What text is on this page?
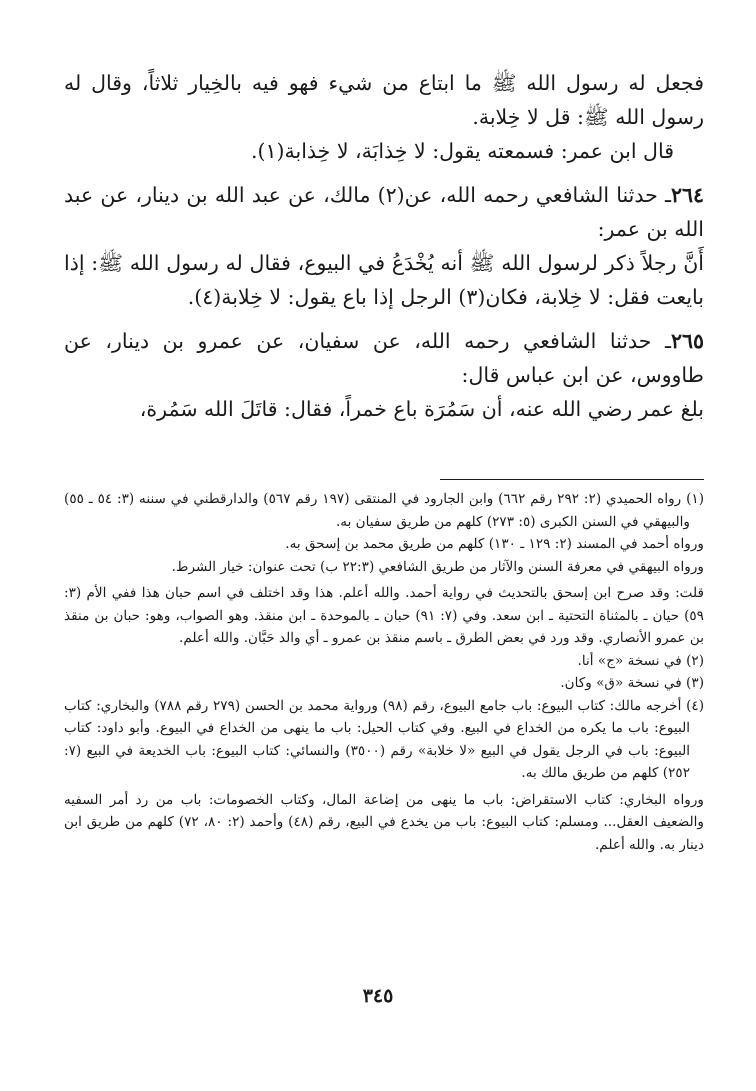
فجعل له رسول الله ﷺ ما ابتاع من شيء فهو فيه بالخِيار ثلاثاً، وقال له رسول الله ﷺ: قل لا خِلابة.

قال ابن عمر: فسمعته يقول: لا خِذابَة، لا خِذابة(١).

٢٦٤ـ حدثنا الشافعي رحمه الله، عن(٢) مالك، عن عبد الله بن دينار، عن عبد الله بن عمر:

أَنَّ رجلاً ذكر لرسول الله ﷺ أنه يُخْدَعُ في البيوع، فقال له رسول الله ﷺ: إذا بايعت فقل: لا خِلابة، فكان(٣) الرجل إذا باع يقول: لا خِلابة(٤).

٢٦٥ـ حدثنا الشافعي رحمه الله، عن سفيان، عن عمرو بن دينار، عن طاووس، عن ابن عباس قال:

بلغ عمر رضي الله عنه، أن سَمُرَة باع خمراً، فقال: قاتَلَ الله سَمُرة،

(١) رواه الحميدي (٢: ٢٩٢ رقم ٦٦٢) وابن الجارود في المنتقى (١٩٧ رقم ٥٦٧) والدارقطني في سننه (٣: ٥٤ ـ ٥٥) والبيهقي في السنن الكبرى (٥: ٢٧٣) كلهم من طريق سفيان به.

ورواه أحمد في المسند (٢: ١٢٩ ـ ١٣٠) كلهم من طريق محمد بن إسحق به.

ورواه البيهقي في معرفة السنن والآثار من طريق الشافعي (٢٢:٣ ب) تحت عنوان: خيار الشرط.

قلت: وقد صرح ابن إسحق بالتحديث في رواية أحمد. والله أعلم. هذا وقد اختلف في اسم حبان هذا ففي الأم (٣: ٥٩) حيان ـ بالمثناة التحتية ـ ابن سعد. وفي (٧: ٩١) حبان ـ بالموحدة ـ ابن منقذ. وهو الصواب، وهو: حبان بن منقذ بن عمرو الأنصاري. وقد ورد في بعض الطرق ـ باسم منقذ بن عمرو ـ أي والد حَبَّان. والله أعلم.

(٢) في نسخة «ج» أنا.

(٣) في نسخة «ق» وكان.

(٤) أخرجه مالك: كتاب البيوع: باب جامع البيوع، رقم (٩٨) ورواية محمد بن الحسن (٢٧٩ رقم ٧٨٨) والبخاري: كتاب البيوع: باب ما يكره من الخداع في البيع. وفي كتاب الحيل: باب ما ينهى من الخداع في البيوع. وأبو داود: كتاب البيوع: باب في الرجل يقول في البيع «لا خلابة» رقم (٣٥٠٠) والنسائي: كتاب البيوع: باب الخديعة في البيع (٧: ٢٥٢) كلهم من طريق مالك به.

ورواه البخاري: كتاب الاستقراض: باب ما ينهى من إضاعة المال، وكتاب الخصومات: باب من رد أمر السفيه والضعيف العقل... ومسلم: كتاب البيوع: باب من يخدع في البيع، رقم (٤٨) وأحمد (٢: ٨٠، ٧٢) كلهم من طريق ابن دينار به. والله أعلم.

٣٤٥
